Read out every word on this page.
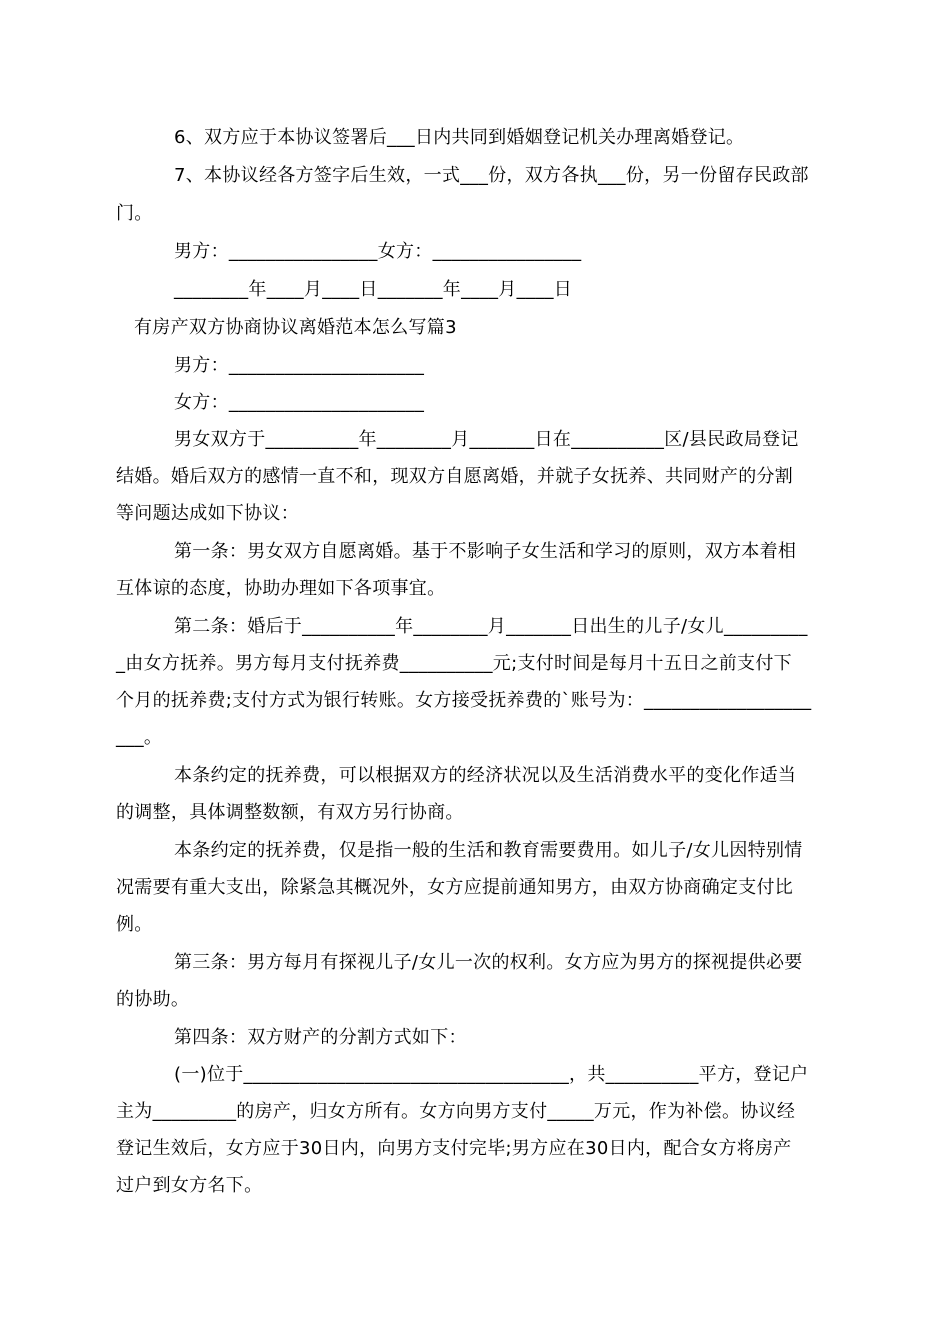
6、双方应于本协议签署后___日内共同到婚姻登记机关办理离婚登记。
7、本协议经各方签字后生效，一式___份，双方各执___份，另一份留存民政部
门。
男方：________________女方：________________
________年____月____日_______年____月____日
有房产双方协商协议离婚范本怎么写篇3
男方：_____________________
女方：_____________________
男女双方于__________年________月_______日在__________区/县民政局登记
结婚。婚后双方的感情一直不和，现双方自愿离婚，并就子女抚养、共同财产的分割
等问题达成如下协议：
第一条：男女双方自愿离婚。基于不影响子女生活和学习的原则，双方本着相
互体谅的态度，协助办理如下各项事宜。
第二条：婚后于__________年________月_______日出生的儿子/女儿_________
_由女方抚养。男方每月支付抚养费__________元;支付时间是每月十五日之前支付下
个月的抚养费;支付方式为银行转账。女方接受抚养费的`账号为：__________________
___。
本条约定的抚养费，可以根据双方的经济状况以及生活消费水平的变化作适当
的调整，具体调整数额，有双方另行协商。
本条约定的抚养费，仅是指一般的生活和教育需要费用。如儿子/女儿因特别情
况需要有重大支出，除紧急其概况外，女方应提前通知男方，由双方协商确定支付比
例。
第三条：男方每月有探视儿子/女儿一次的权利。女方应为男方的探视提供必要
的协助。
第四条：双方财产的分割方式如下：
(一)位于___________________________________，共__________平方，登记户
主为_________的房产，归女方所有。女方向男方支付_____万元，作为补偿。协议经
登记生效后，女方应于30日内，向男方支付完毕;男方应在30日内，配合女方将房产
过户到女方名下。
